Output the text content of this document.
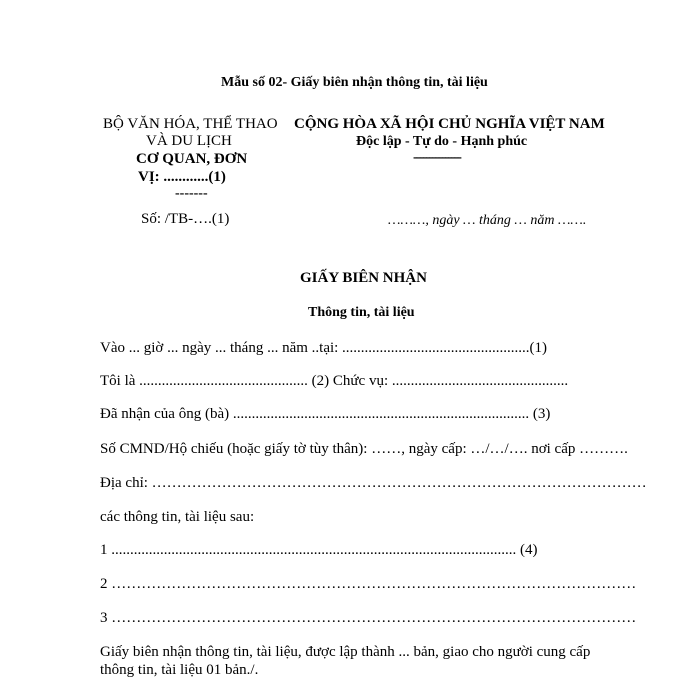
Mẫu số 02- Giấy biên nhận thông tin, tài liệu
BỘ VĂN HÓA, THỂ THAO
VÀ DU LỊCH
CƠ QUAN, ĐƠN
VỊ: ............(1)
-------
Số: /TB-….(1)
CỘNG HÒA XÃ HỘI CHỦ NGHĨA VIỆT NAM
Độc lập - Tự do - Hạnh phúc
---------------
………, ngày … tháng … năm …….
GIẤY BIÊN NHẬN
Thông tin, tài liệu
Vào ... giờ ... ngày ... tháng ... năm ..tại: ..................................................(1)
Tôi là ............................................. (2) Chức vụ: ...............................................
Đã nhận của ông (bà) ............................................................................... (3)
Số CMND/Hộ chiếu (hoặc giấy tờ tùy thân): ……, ngày cấp: …/…/…. nơi cấp ……….
Địa chỉ: ………………………………………………………………………………………
các thông tin, tài liệu sau:
1 ............................................................................................................ (4)
2 ……………………………………………………………………………………………
3 ……………………………………………………………………………………………
Giấy biên nhận thông tin, tài liệu, được lập thành ... bản, giao cho người cung cấp
thông tin, tài liệu 01 bản./.
